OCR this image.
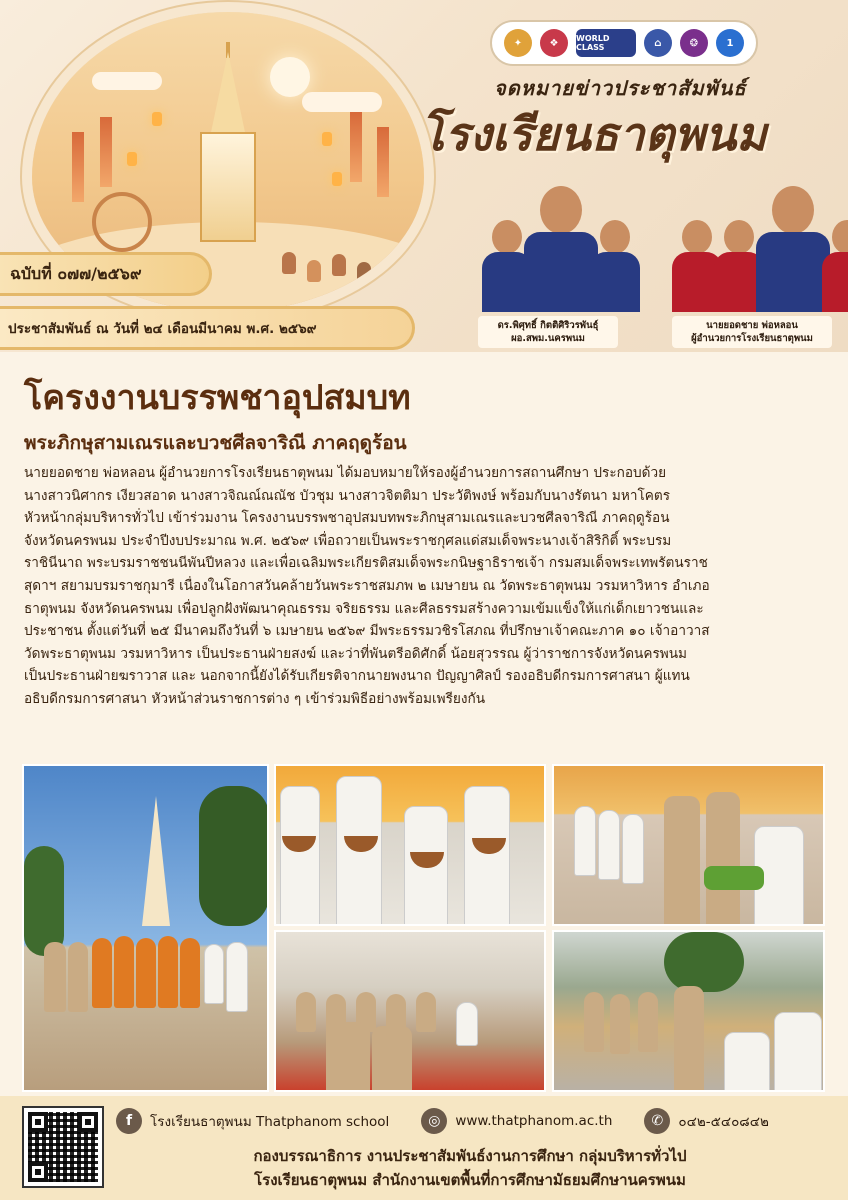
✦	❖	WORLD CLASS	⌂	❂	1
จดหมายข่าวประชาสัมพันธ์
โรงเรียนธาตุพนม
ฉบับที่ ๐๗๗/๒๕๖๙
ประชาสัมพันธ์ ณ วันที่ ๒๔ เดือนมีนาคม พ.ศ. ๒๕๖๙	ดร.พิศุทธิ์ กิตติศิริวรพันธุ์
ผอ.สพม.นครพนม
นายยอดชาย พ่อหลอน
ผู้อำนวยการโรงเรียนธาตุพนม
โครงงานบรรพชาอุปสมบท
พระภิกษุสามเณรและบวชศีลจาริณี ภาคฤดูร้อน
นายยอดชาย พ่อหลอน ผู้อำนวยการโรงเรียนธาตุพนม ได้มอบหมายให้รองผู้อำนวยการสถานศึกษา ประกอบด้วย
นางสาวนิศากร เงียวสอาด นางสาวจิณณ์ณณัช บัวชุม นางสาวจิตติมา ประวัติพงษ์ พร้อมกับนางรัตนา มหาโคตร
หัวหน้ากลุ่มบริหารทั่วไป เข้าร่วมงาน โครงงานบรรพชาอุปสมบทพระภิกษุสามเณรและบวชศีลจาริณี ภาคฤดูร้อน
จังหวัดนครพนม ประจำปีงบประมาณ พ.ศ. ๒๕๖๙ เพื่อถวายเป็นพระราชกุศลแด่สมเด็จพระนางเจ้าสิริกิติ์ พระบรม
ราชินีนาถ พระบรมราชชนนีพันปีหลวง และเพื่อเฉลิมพระเกียรติสมเด็จพระกนิษฐาธิราชเจ้า กรมสมเด็จพระเทพรัตนราช
สุดาฯ สยามบรมราชกุมารี เนื่องในโอกาสวันคล้ายวันพระราชสมภพ ๒ เมษายน ณ วัดพระธาตุพนม วรมหาวิหาร อำเภอ
ธาตุพนม จังหวัดนครพนม เพื่อปลูกฝังพัฒนาคุณธรรม จริยธรรม และศีลธรรมสร้างความเข้มแข็งให้แก่เด็กเยาวชนและ
ประชาชน ตั้งแต่วันที่ ๒๕ มีนาคมถึงวันที่ ๖ เมษายน ๒๕๖๙ มีพระธรรมวชิรโสภณ ที่ปรึกษาเจ้าคณะภาค ๑๐ เจ้าอาวาส
วัดพระธาตุพนม วรมหาวิหาร เป็นประธานฝ่ายสงฆ์ และว่าที่พันตรีอดิศักดิ์ น้อยสุวรรณ ผู้ว่าราชการจังหวัดนครพนม
เป็นประธานฝ่ายฆราวาส และ นอกจากนี้ยังได้รับเกียรติจากนายพงนาถ ปัญญาศิลป์ รองอธิบดีกรมการศาสนา ผู้แทน
อธิบดีกรมการศาสนา หัวหน้าส่วนราชการต่าง ๆ เข้าร่วมพิธีอย่างพร้อมเพรียงกัน
f	โรงเรียนธาตุพนม Thatphanom school	◎	www.thatphanom.ac.th	✆	๐๔๒-๕๔๐๘๔๒
กองบรรณาธิการ งานประชาสัมพันธ์งานการศึกษา กลุ่มบริหารทั่วไป
โรงเรียนธาตุพนม สำนักงานเขตพื้นที่การศึกษามัธยมศึกษานครพนม
